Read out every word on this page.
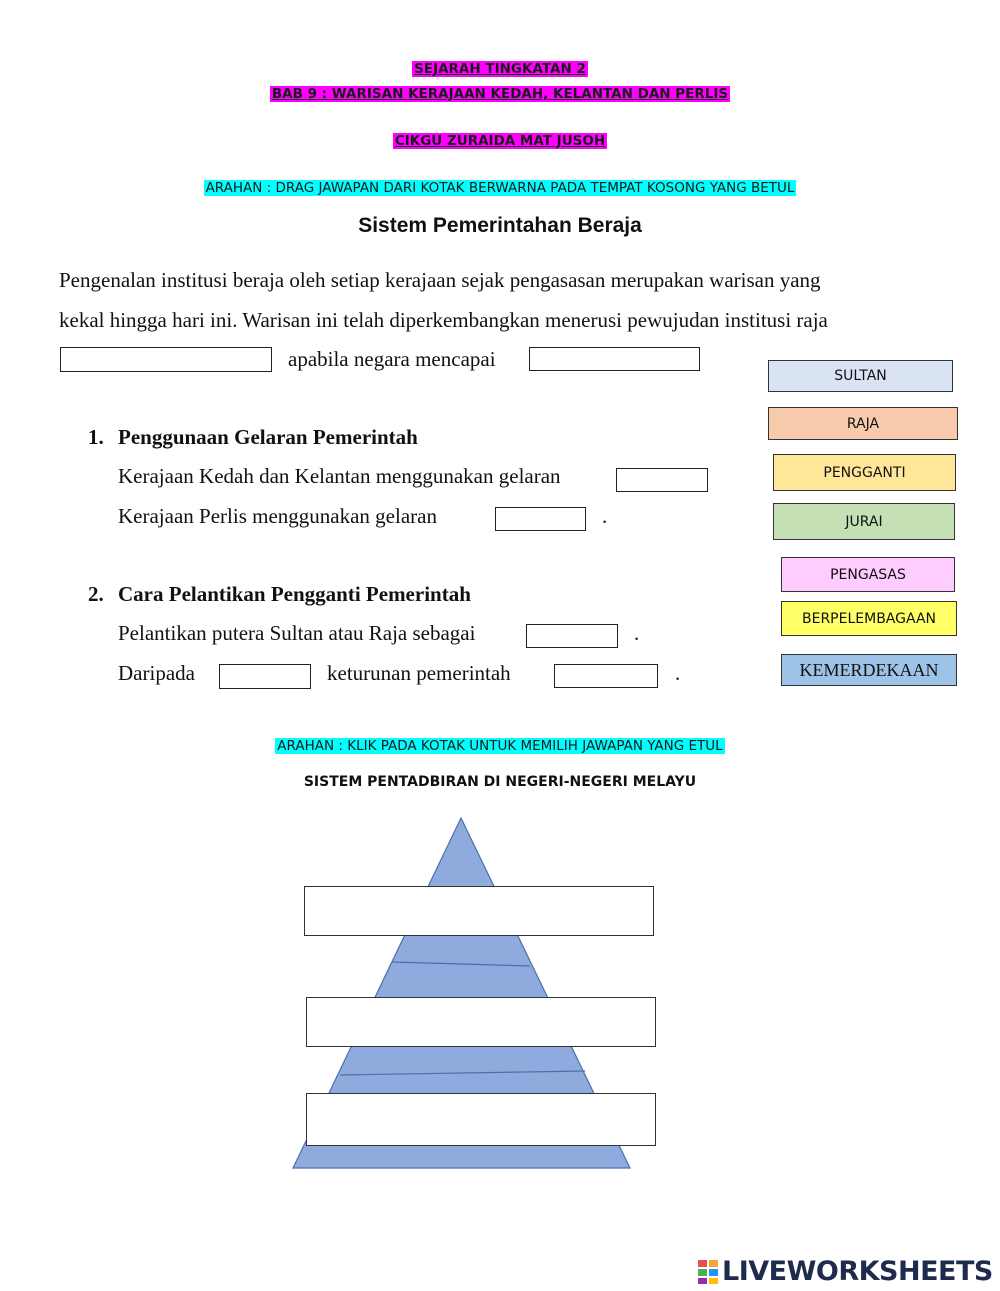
SEJARAH TINGKATAN 2
BAB 9 : WARISAN KERAJAAN KEDAH, KELANTAN DAN PERLIS
CIKGU ZURAIDA MAT JUSOH
ARAHAN : DRAG JAWAPAN DARI KOTAK BERWARNA PADA TEMPAT KOSONG YANG BETUL
Sistem Pemerintahan Beraja
Pengenalan institusi beraja oleh setiap kerajaan sejak pengasasan merupakan warisan yang
kekal hingga hari ini. Warisan ini telah diperkembangkan menerusi pewujudan institusi raja
apabila negara mencapai
1. Penggunaan Gelaran Pemerintah
Kerajaan Kedah dan Kelantan menggunakan gelaran
Kerajaan Perlis menggunakan gelaran	.
2. Cara Pelantikan Pengganti Pemerintah
Pelantikan putera Sultan atau Raja sebagai	.
Daripada	keturunan pemerintah	.
SULTAN
RAJA
PENGGANTI
JURAI
PENGASAS
BERPELEMBAGAAN
KEMERDEKAAN
ARAHAN : KLIK PADA KOTAK UNTUK MEMILIH JAWAPAN YANG ETUL
SISTEM PENTADBIRAN DI NEGERI-NEGERI MELAYU
LIVEWORKSHEETS
